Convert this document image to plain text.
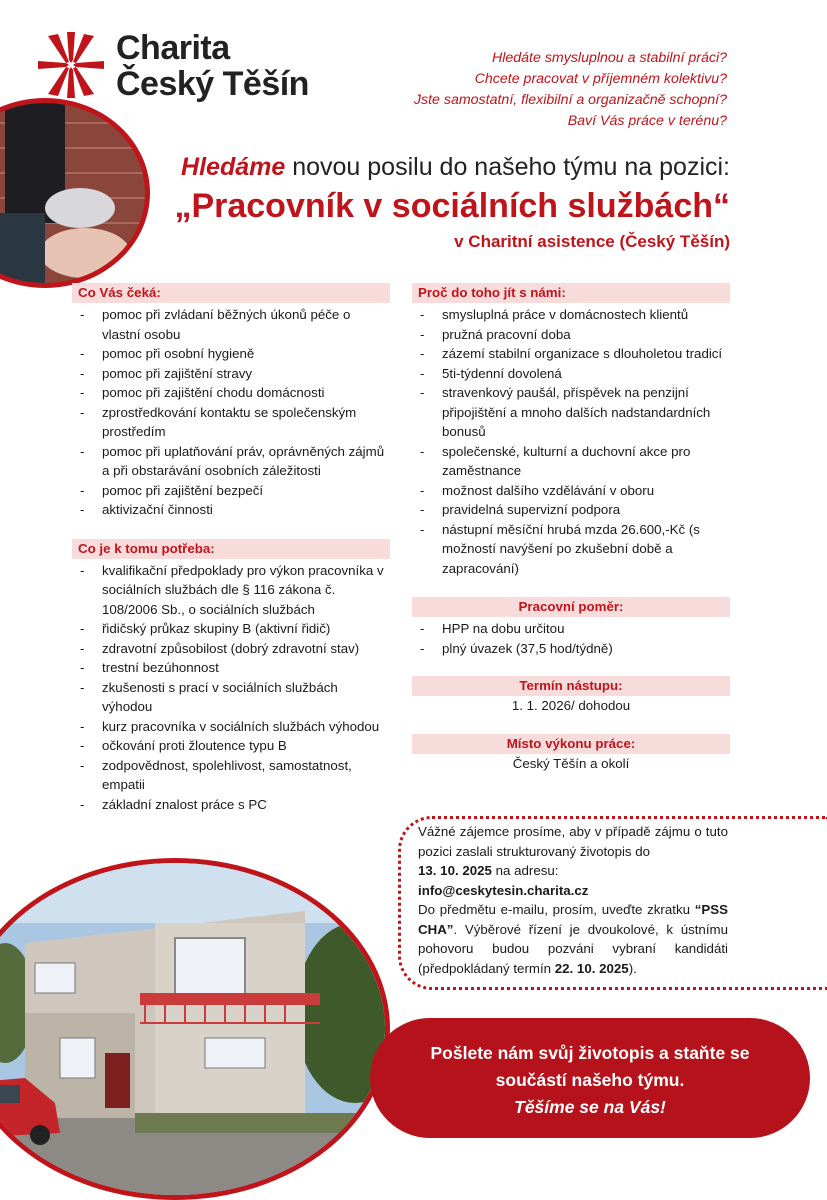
Charita
Český Těšín
Hledáte smysluplnou a stabilní práci?
Chcete pracovat v příjemném kolektivu?
Jste samostatní, flexibilní a organizačně schopní?
Baví Vás práce v terénu?
Hledáme novou posilu do našeho týmu na pozici:
„Pracovník v sociálních službách“
v Charitní asistence (Český Těšín)
Co Vás čeká:
- pomoc při zvládaní běžných úkonů péče o vlastní osobu
- pomoc při osobní hygieně
- pomoc při zajištění stravy
- pomoc při zajištění chodu domácnosti
- zprostředkování kontaktu se společenským prostředím
- pomoc při uplatňování práv, oprávněných zájmů a při obstarávání osobních záležitosti
- pomoc při zajištění bezpečí
- aktivizační činnosti
Co je k tomu potřeba:
- kvalifikační předpoklady pro výkon pracovníka v sociálních službách dle § 116 zákona č. 108/2006 Sb., o sociálních službách
- řidičský průkaz skupiny B (aktivní řidič)
- zdravotní způsobilost (dobrý zdravotní stav)
- trestní bezúhonnost
- zkušenosti s prací v sociálních službách výhodou
- kurz pracovníka v sociálních službách výhodou
- očkování proti žloutence typu B
- zodpovědnost, spolehlivost, samostatnost, empatii
- základní znalost práce s PC
Proč do toho jít s námi:
- smysluplná práce v domácnostech klientů
- pružná pracovní doba
- zázemí stabilní organizace s dlouholetou tradicí
- 5ti-týdenní dovolená
- stravenkový paušál, příspěvek na penzijní připojištění a mnoho dalších nadstandardních bonusů
- společenské, kulturní a duchovní akce pro zaměstnance
- možnost dalšího vzdělávání v oboru
- pravidelná supervizní podpora
- nástupní měsíční hrubá mzda 26.600,-Kč (s možností navýšení po zkušební době a zapracování)
Pracovní poměr:
- HPP na dobu určitou
- plný úvazek (37,5 hod/týdně)
Termín nástupu:
1. 1. 2026/ dohodou
Místo výkonu práce:
Český Těšín a okolí
Vážné zájemce prosíme, aby v případě zájmu o tuto pozici zaslali strukturovaný životopis do
13. 10. 2025 na adresu:
info@ceskytesin.charita.cz
Do předmětu e-mailu, prosím, uveďte zkratku “PSS CHA”. Výběrové řízení je dvoukolové, k ústnímu pohovoru budou pozváni vybraní kandidáti (předpokládaný termín 22. 10. 2025).
Pošlete nám svůj životopis a staňte se
součástí našeho týmu.
Těšíme se na Vás!
